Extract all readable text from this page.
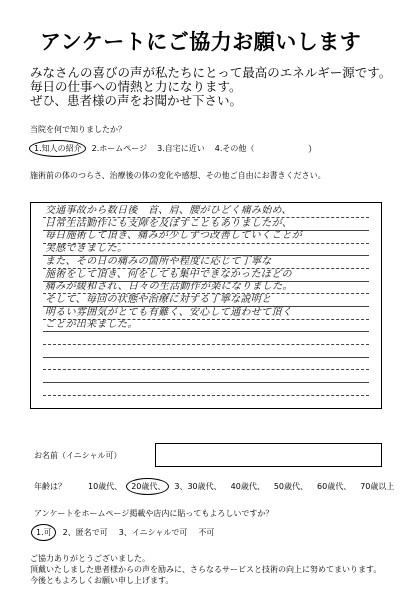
アンケートにご協力お願いします
みなさんの喜びの声が私たちにとって最高のエネルギー源です。
毎日の仕事への情熱と力になります。
ぜひ、患者様の声をお聞かせ下さい。
当院を何で知りましたか？
1.知人の紹介 2.ホームページ 3.自宅に近い 4.その他（	）
施術前の体のつらさ、治療後の体の変化や感想、その他ご自由にお書きください。
交通事故から数日後　首、肩、腰がひどく痛み始め、
日常生活動作にも支障を及ぼすこともありましたが、
毎日施術して頂き、痛みが少しずつ改善していくことが
実感できました。
また、その日の痛みの箇所や程度に応じて丁寧な
施術をして頂き、何をしても集中できなかったほどの
痛みが緩和され、日々の生活動作が楽になりました。
そして、毎回の状態や治療に対する丁寧な説明と
明るい雰囲気がとても有難く、安心して通わせて頂く
ことが出来ました。
お名前（イニシャル可）
年齢は？	10歳代、 20歳代、 3、30歳代、 40歳代、 50歳代、 60歳代、 70歳以上
アンケートをホームページ掲載や店内に貼ってもよろしいですか？
1.可 2、匿名で可 3、イニシャルで可 不可
ご協力ありがとうございました。
頂戴いたしました患者様からの声を励みに、さらなるサービスと技術の向上に努めてまいります。
今後ともよろしくお願い申し上げます。
